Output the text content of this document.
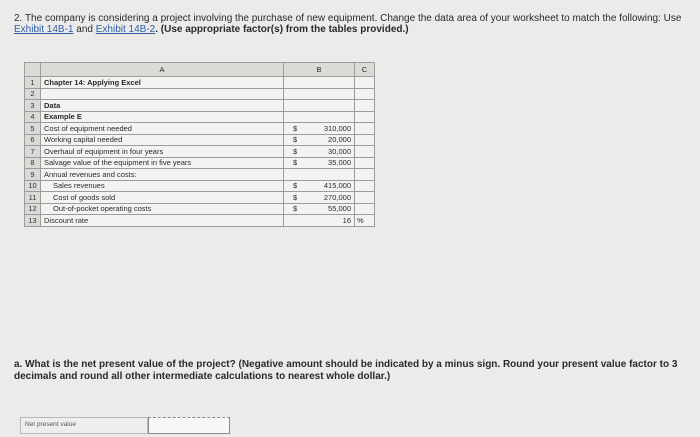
2. The company is considering a project involving the purchase of new equipment. Change the data area of your worksheet to match the following: Use Exhibit 14B-1 and Exhibit 14B-2. (Use appropriate factor(s) from the tables provided.)
	A	B	C
1	Chapter 14: Applying Excel	

2		

3	Data	

4	Example E	

5	Cost of equipment needed	$ 310,000	

6	Working capital needed	$ 20,000	

7	Overhaul of equipment in four years	$ 30,000	

8	Salvage value of the equipment in five years	$ 35,000	

9	Annual revenues and costs:	

10	Sales revenues	$ 415,000	

11	Cost of goods sold	$ 270,000	

12	Out-of-pocket operating costs	$ 55,000	

13	Discount rate	16	%
a. What is the net present value of the project? (Negative amount should be indicated by a minus sign. Round your present value factor to 3 decimals and round all other intermediate calculations to nearest whole dollar.)
Net present value
